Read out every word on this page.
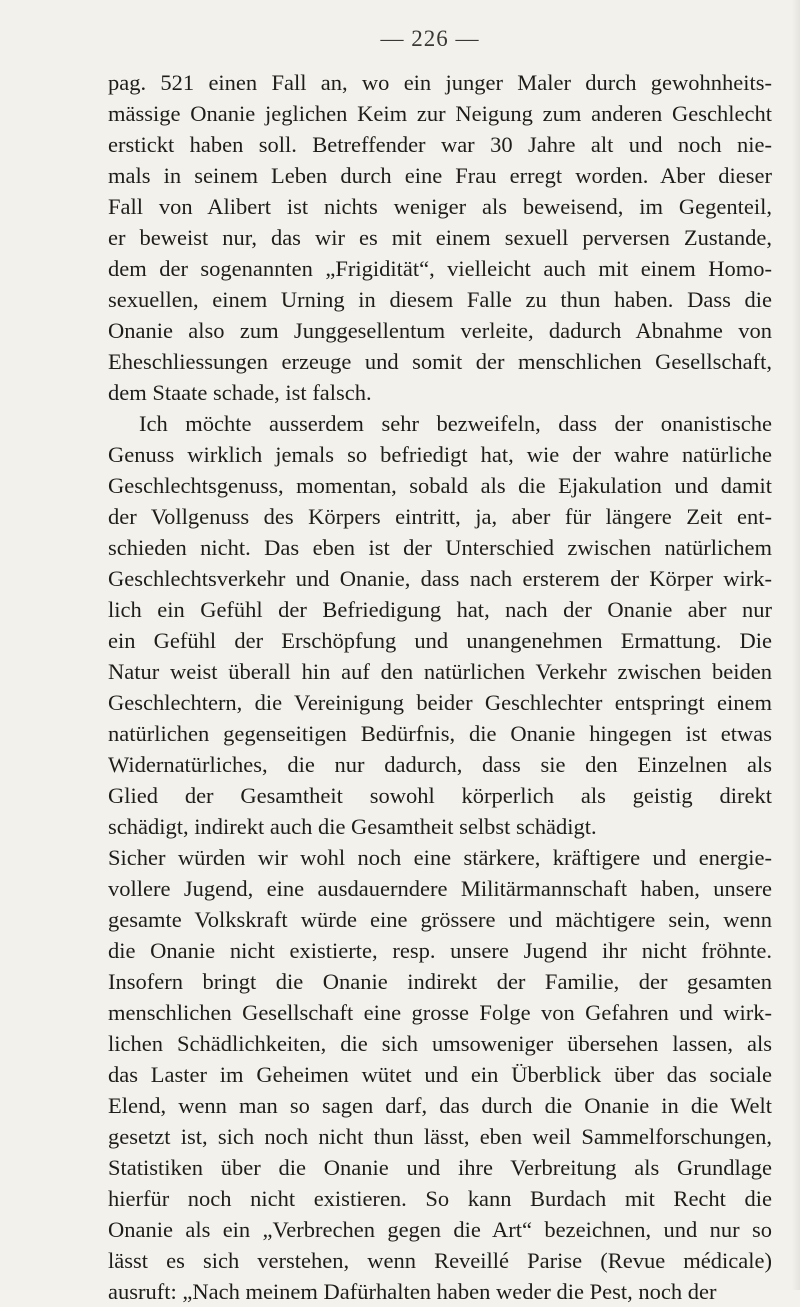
— 226 —
pag. 521 einen Fall an, wo ein junger Maler durch gewohnheits-
mässige Onanie jeglichen Keim zur Neigung zum anderen Geschlecht
erstickt haben soll. Betreffender war 30 Jahre alt und noch nie-
mals in seinem Leben durch eine Frau erregt worden. Aber dieser
Fall von Alibert ist nichts weniger als beweisend, im Gegenteil,
er beweist nur, das wir es mit einem sexuell perversen Zustande,
dem der sogenannten „Frigidität“, vielleicht auch mit einem Homo-
sexuellen, einem Urning in diesem Falle zu thun haben. Dass die
Onanie also zum Junggesellentum verleite, dadurch Abnahme von
Eheschliessungen erzeuge und somit der menschlichen Gesellschaft,
dem Staate schade, ist falsch.
Ich möchte ausserdem sehr bezweifeln, dass der onanistische
Genuss wirklich jemals so befriedigt hat, wie der wahre natürliche
Geschlechtsgenuss, momentan, sobald als die Ejakulation und damit
der Vollgenuss des Körpers eintritt, ja, aber für längere Zeit ent-
schieden nicht. Das eben ist der Unterschied zwischen natürlichem
Geschlechtsverkehr und Onanie, dass nach ersterem der Körper wirk-
lich ein Gefühl der Befriedigung hat, nach der Onanie aber nur
ein Gefühl der Erschöpfung und unangenehmen Ermattung. Die
Natur weist überall hin auf den natürlichen Verkehr zwischen beiden
Geschlechtern, die Vereinigung beider Geschlechter entspringt einem
natürlichen gegenseitigen Bedürfnis, die Onanie hingegen ist etwas
Widernatürliches, die nur dadurch, dass sie den Einzelnen als
Glied der Gesamtheit sowohl körperlich als geistig direkt
schädigt, indirekt auch die Gesamtheit selbst schädigt.
Sicher würden wir wohl noch eine stärkere, kräftigere und energie-
vollere Jugend, eine ausdauerndere Militärmannschaft haben, unsere
gesamte Volkskraft würde eine grössere und mächtigere sein, wenn
die Onanie nicht existierte, resp. unsere Jugend ihr nicht fröhnte.
Insofern bringt die Onanie indirekt der Familie, der gesamten
menschlichen Gesellschaft eine grosse Folge von Gefahren und wirk-
lichen Schädlichkeiten, die sich umsoweniger übersehen lassen, als
das Laster im Geheimen wütet und ein Überblick über das sociale
Elend, wenn man so sagen darf, das durch die Onanie in die Welt
gesetzt ist, sich noch nicht thun lässt, eben weil Sammelforschungen,
Statistiken über die Onanie und ihre Verbreitung als Grundlage
hierfür noch nicht existieren. So kann Burdach mit Recht die
Onanie als ein „Verbrechen gegen die Art“ bezeichnen, und nur so
lässt es sich verstehen, wenn Reveillé Parise (Revue médicale)
ausruft: „Nach meinem Dafürhalten haben weder die Pest, noch der
